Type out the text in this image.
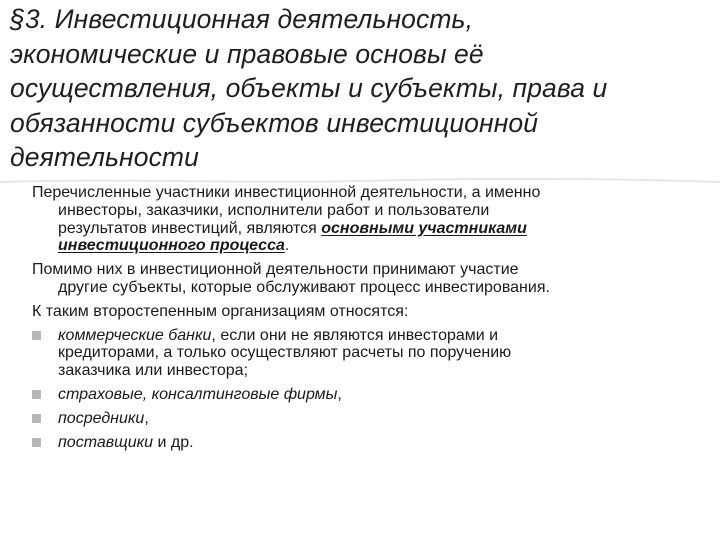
§3. Инвестиционная деятельность,
экономические и правовые основы её
осуществления, объекты и субъекты, права и
обязанности субъектов инвестиционной
деятельности
Перечисленные участники инвестиционной деятельности, а именно
инвесторы, заказчики, исполнители работ и пользователи
результатов инвестиций, являются основными участниками
инвестиционного процесса.
Помимо них в инвестиционной деятельности принимают участие
другие субъекты, которые обслуживают процесс инвестирования.
К таким второстепенным организациям относятся:
коммерческие банки, если они не являются инвесторами и
кредиторами, а только осуществляют расчеты по поручению
заказчика или инвестора;
страховые, консалтинговые фирмы,
посредники,
поставщики и др.
